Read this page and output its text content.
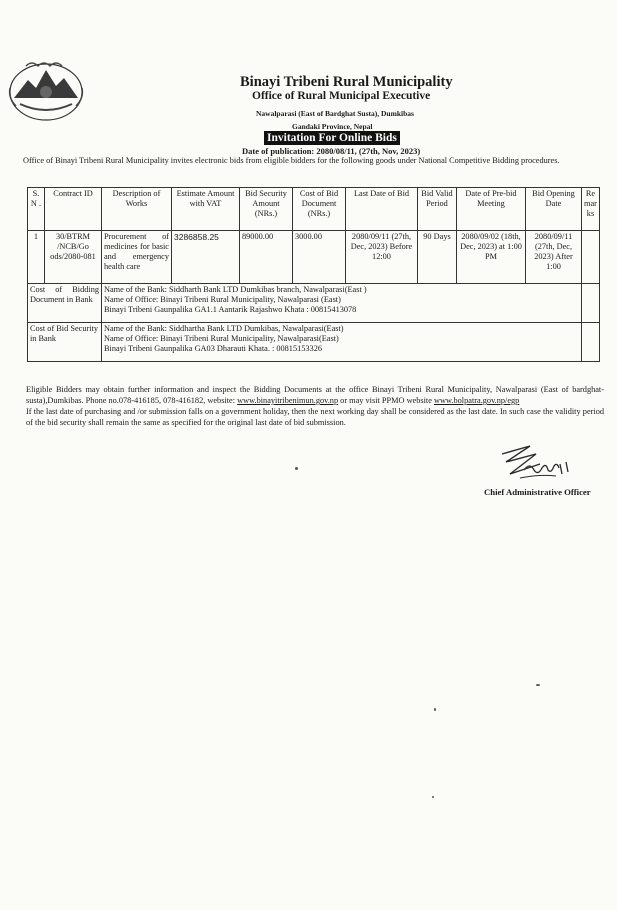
Binayi Tribeni Rural Municipality
Office of Rural Municipal Executive
Nawalparasi (East of Bardghat Susta), Dumkibas
Gandaki Province, Nepal
Invitation For Online Bids
Date of publication: 2080/08/11, (27th, Nov, 2023)
Office of Binayi Tribeni Rural Municipality invites electronic bids from eligible bidders for the following goods under National Competitive Bidding procedures.
S. N .	Contract ID	Description of Works	Estimate Amount with VAT	Bid Security Amount (NRs.)	Cost of Bid Document (NRs.)	Last Date of Bid	Bid Valid Period	Date of Pre-bid Meeting	Bid Opening Date	Re mar ks
1	30/BTRM /NCB/Go ods/2080-081	Procurement of medicines for basic and emergency health care	3286858.25	89000.00	3000.00	2080/09/11 (27th, Dec, 2023) Before 12:00	90 Days	2080/09/02 (18th, Dec, 2023) at 1:00 PM	2080/09/11 (27th, Dec, 2023) After 1:00	
Cost of Bidding Document in Bank		Name of the Bank: Siddharth Bank LTD Dumkibas branch, Nawalparasi(East )
Name of Office: Binayi Tribeni Rural Municipality, Nawalparasi (East)
Binayi Tribeni Gaunpalika GA1.1 Aantarik Rajashwo Khata : 00815413078								

Cost of Bid Security in Bank		Name of the Bank: Siddhartha Bank LTD Dumkibas, Nawalparasi(East)
Name of Office: Binayi Tribeni Rural Municipality, Nawalparasi(East)
Binayi Tribeni Gaunpalika GA03 Dharauti Khata. : 00815153326								

Eligible Bidders may obtain further information and inspect the Bidding Documents at the office Binayi Tribeni Rural Municipality, Nawalparasi (East of bardghat-susta),Dumkibas. Phone no.078-416185, 078-416182, website: www.binayitribenimun.gov.np or may visit PPMO website www.bolpatra.gov.np/egp
If the last date of purchasing and /or submission falls on a government holiday, then the next working day shall be considered as the last date. In such case the validity period of the bid security shall remain the same as specified for the original last date of bid submission.
Chief Administrative Officer
